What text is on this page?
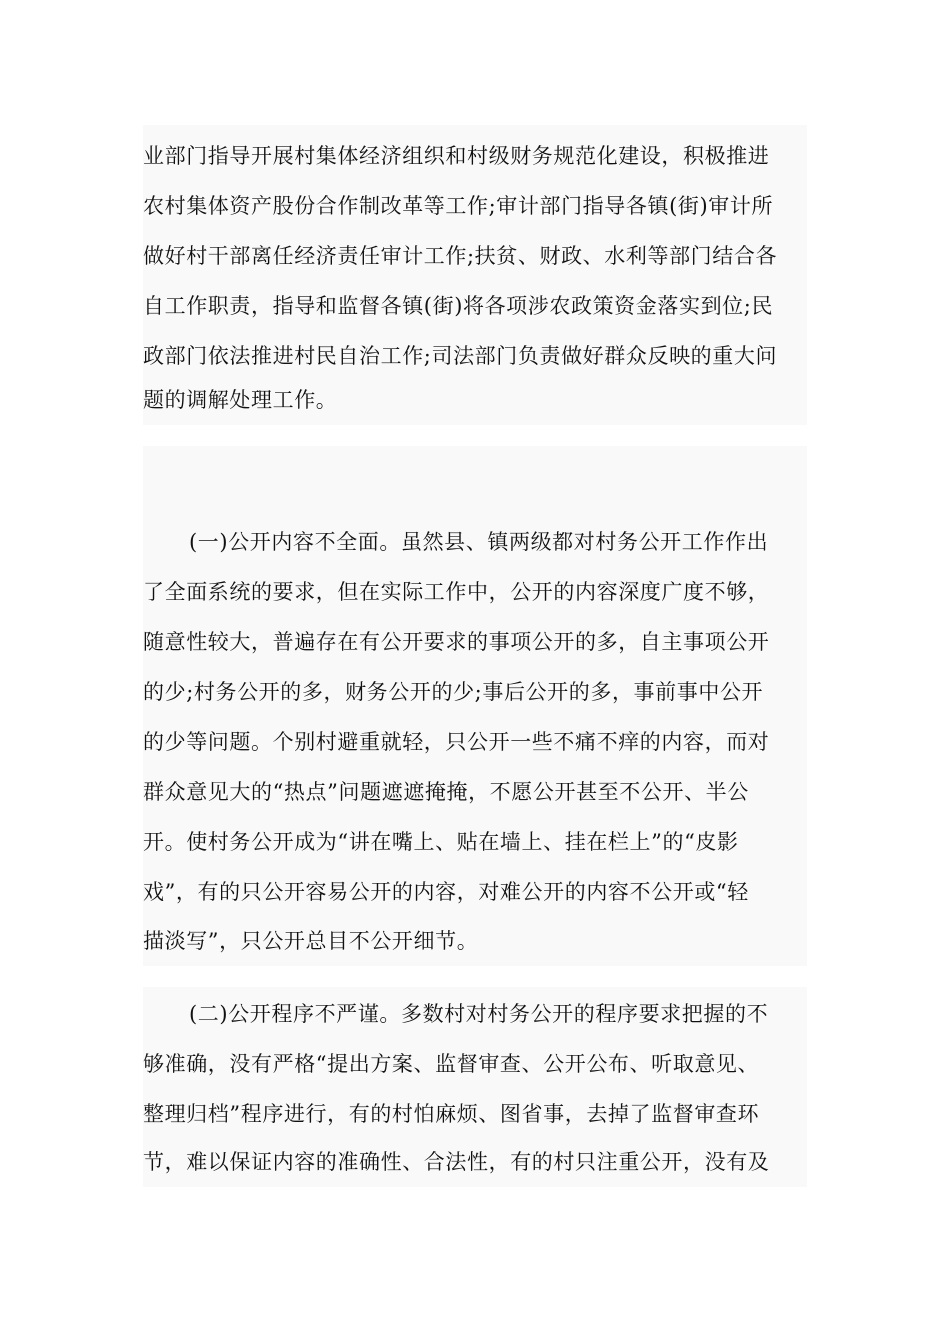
业部门指导开展村集体经济组织和村级财务规范化建设，积极推进
农村集体资产股份合作制改革等工作;审计部门指导各镇(街)审计所
做好村干部离任经济责任审计工作;扶贫、财政、水利等部门结合各
自工作职责，指导和监督各镇(街)将各项涉农政策资金落实到位;民
政部门依法推进村民自治工作;司法部门负责做好群众反映的重大问
题的调解处理工作。
(一)公开内容不全面。虽然县、镇两级都对村务公开工作作出
了全面系统的要求，但在实际工作中，公开的内容深度广度不够，
随意性较大，普遍存在有公开要求的事项公开的多，自主事项公开
的少;村务公开的多，财务公开的少;事后公开的多，事前事中公开
的少等问题。个别村避重就轻，只公开一些不痛不痒的内容，而对
群众意见大的“热点”问题遮遮掩掩，不愿公开甚至不公开、半公
开。使村务公开成为“讲在嘴上、贴在墙上、挂在栏上”的“皮影
戏”，有的只公开容易公开的内容，对难公开的内容不公开或“轻
描淡写”，只公开总目不公开细节。
(二)公开程序不严谨。多数村对村务公开的程序要求把握的不
够准确，没有严格“提出方案、监督审查、公开公布、听取意见、
整理归档”程序进行，有的村怕麻烦、图省事，去掉了监督审查环
节，难以保证内容的准确性、合法性，有的村只注重公开，没有及
